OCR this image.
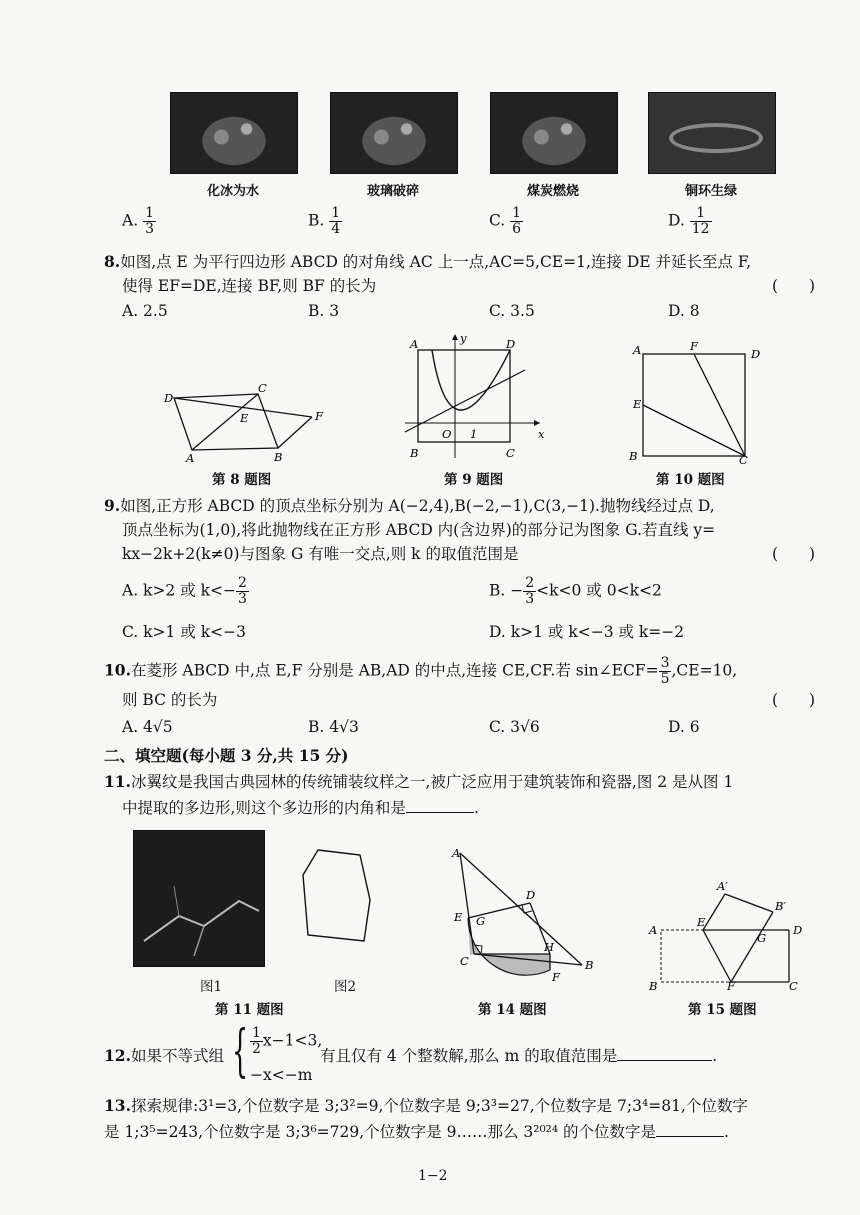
化冰为水	玻璃破碎	煤炭燃烧	铜环生绿
A. $\frac{1}{3}$	B. $\frac{1}{4}$	C. $\frac{1}{6}$	D. $\frac{1}{12}$
8.如图,点 E 为平行四边形 ABCD 的对角线 AC 上一点,AC=5,CE=1,连接 DE 并延长至点 F,
使得 EF=DE,连接 BF,则 BF 的长为	(　　)
A. 2.5	B. 3	C. 3.5	D. 8
D
C
E	F
A	B
第 8 题图
A	D
y
O 1	x
B	C
第 9 题图
A	F
D
E
B	C
第 10 题图
9.如图,正方形 ABCD 的顶点坐标分别为 A(−2,4),B(−2,−1),C(3,−1).抛物线经过点 D,
顶点坐标为(1,0),将此抛物线在正方形 ABCD 内(含边界)的部分记为图象 G.若直线 y=
kx−2k+2(k≠0)与图象 G 有唯一交点,则 k 的取值范围是	(　　)
A. k>2 或 $k<- \frac{2}{3}$	B. − $\frac{2}{3} <k<0$ 或 0<k<2
C. k>1 或 k<−3	D. k>1 或 k<−3 或 k=−2
10.在菱形 ABCD 中,点 E,F 分别是 AB,AD 的中点,连接 CE,CF.若 sin∠ECF= $\frac{3}{5} ,CE=10$,
则 BC 的长为	(　　)
A. 4√5	B. 4√3	C. 3√6	D. 6
二、填空题(每小题 3 分,共 15 分)
11.冰翼纹是我国古典园林的传统铺装纹样之一,被广泛应用于建筑装饰和瓷器,图 2 是从图 1
中提取的多边形,则这个多边形的内角和是	.
图1	图2
第 11 题图
A
D
E G
H
C	B
F
第 14 题图
A′
A
E
B′
G
D
B	F	C
第 15 题图
12.如果不等式组 { $\frac{1}{2} x-1<3$,
−x<−m
有且仅有 4 个整数解,那么 m 的取值范围是	.
13.探索规律:3¹=3,个位数字是 3;3²=9,个位数字是 9;3³=27,个位数字是 7;3⁴=81,个位数字
是 1;3⁵=243,个位数字是 3;3⁶=729,个位数字是 9……那么 3²⁰²⁴ 的个位数字是	.
1−2
